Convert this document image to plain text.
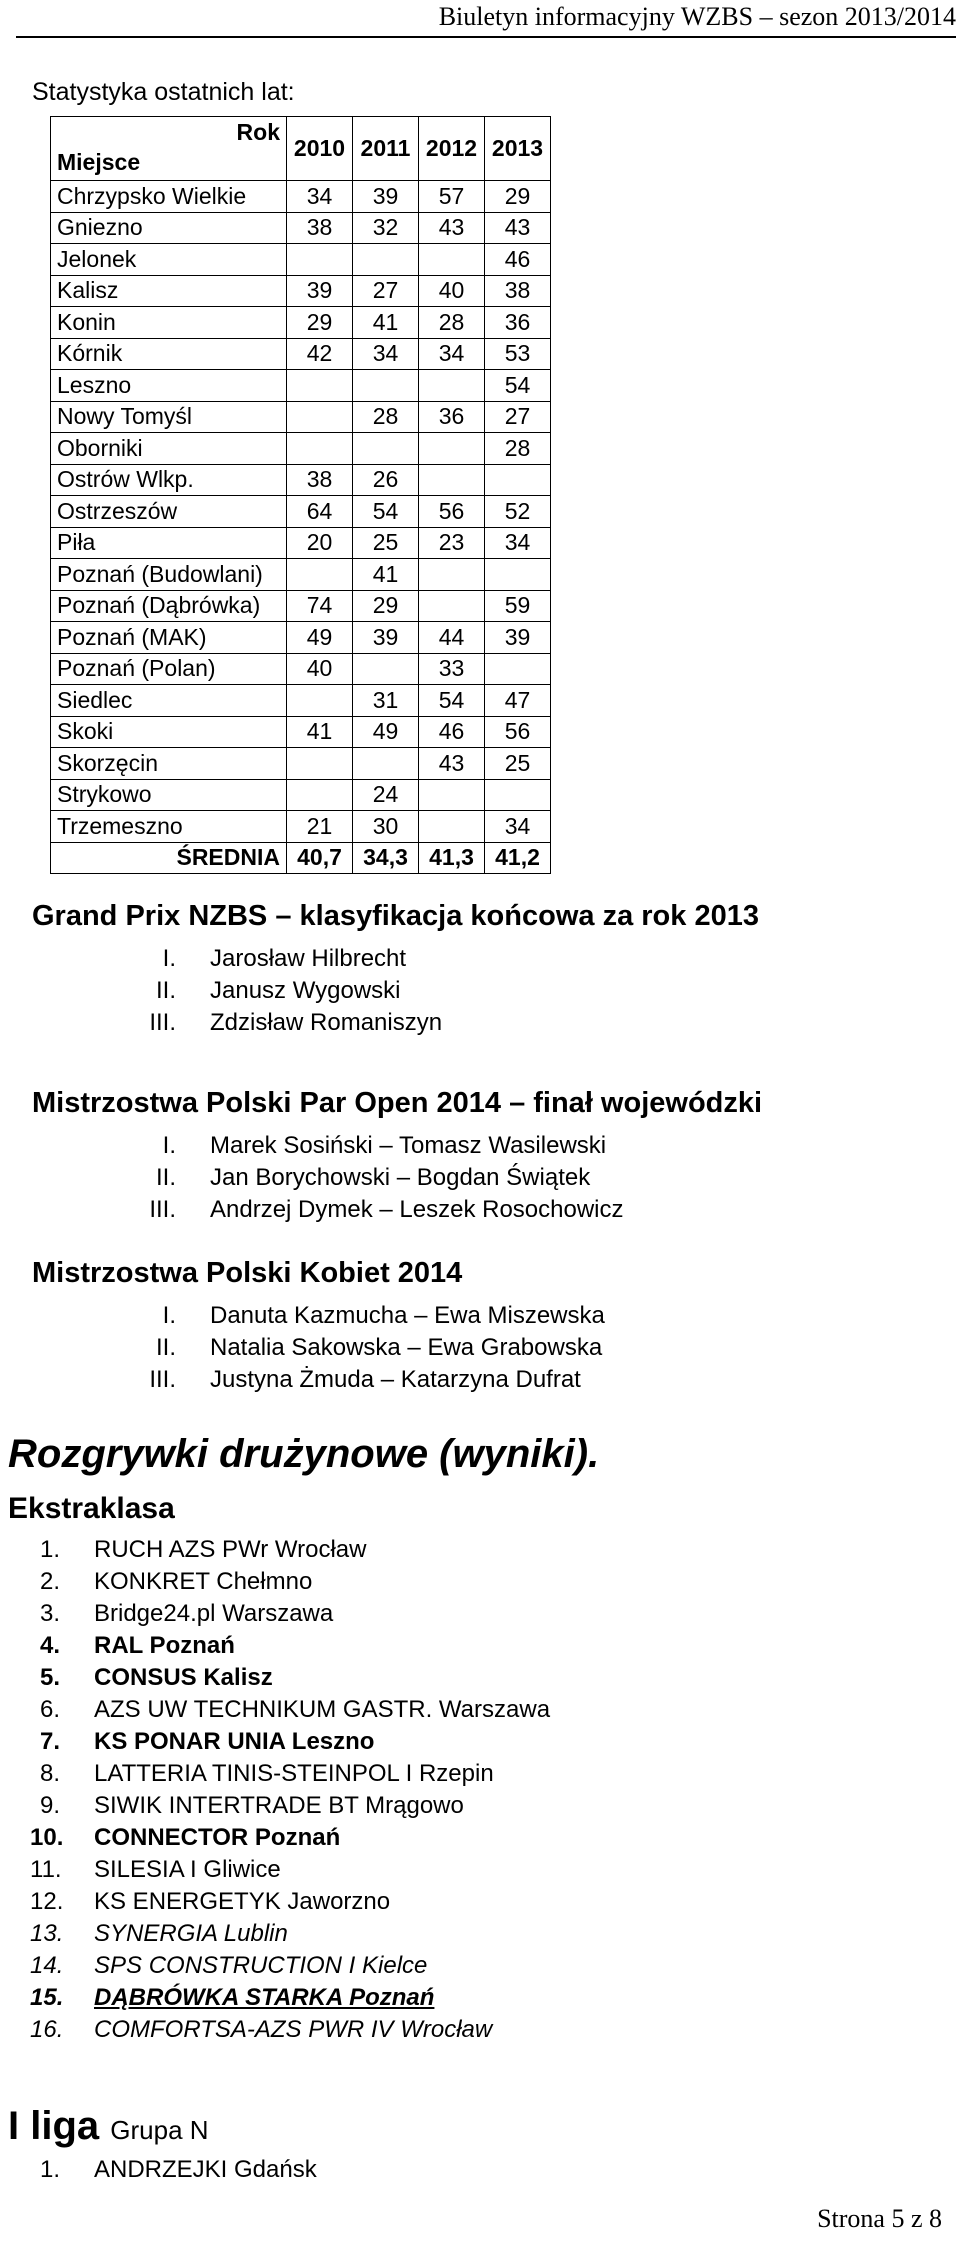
Biuletyn informacyjny WZBS – sezon 2013/2014
Statystyka ostatnich lat:
Rok
Miejsce	2010	2011	2012	2013
Chrzypsko Wielkie	34	39	57	29
Gniezno	38	32	43	43
Jelonek				46
Kalisz	39	27	40	38
Konin	29	41	28	36
Kórnik	42	34	34	53
Leszno				54
Nowy Tomyśl		28	36	27
Oborniki				28
Ostrów Wlkp.	38	26		
Ostrzeszów	64	54	56	52
Piła	20	25	23	34
Poznań (Budowlani)		41		
Poznań (Dąbrówka)	74	29		59
Poznań (MAK)	49	39	44	39
Poznań (Polan)	40		33	
Siedlec		31	54	47
Skoki	41	49	46	56
Skorzęcin			43	25
Strykowo		24		
Trzemeszno	21	30		34
ŚREDNIA	40,7	34,3	41,3	41,2
Grand Prix NZBS – klasyfikacja końcowa za rok 2013
I. Jarosław Hilbrecht
II. Janusz Wygowski
III. Zdzisław Romaniszyn
Mistrzostwa Polski Par Open 2014 – finał wojewódzki
I. Marek Sosiński – Tomasz Wasilewski
II. Jan Borychowski – Bogdan Świątek
III. Andrzej Dymek – Leszek Rosochowicz
Mistrzostwa Polski Kobiet 2014
I. Danuta Kazmucha – Ewa Miszewska
II. Natalia Sakowska – Ewa Grabowska
III. Justyna Żmuda – Katarzyna Dufrat
Rozgrywki drużynowe (wyniki).
Ekstraklasa
1. RUCH AZS PWr Wrocław
2. KONKRET Chełmno
3. Bridge24.pl Warszawa
4. RAL Poznań
5. CONSUS Kalisz
6. AZS UW TECHNIKUM GASTR. Warszawa
7. KS PONAR UNIA Leszno
8. LATTERIA TINIS-STEINPOL I Rzepin
9. SIWIK INTERTRADE BT Mrągowo
10. CONNECTOR Poznań
11. SILESIA I Gliwice
12. KS ENERGETYK Jaworzno
13. SYNERGIA Lublin
14. SPS CONSTRUCTION I Kielce
15. DĄBRÓWKA STARKA Poznań
16. COMFORTSA-AZS PWR IV Wrocław
I liga Grupa N
1. ANDRZEJKI Gdańsk
Strona 5 z 8
